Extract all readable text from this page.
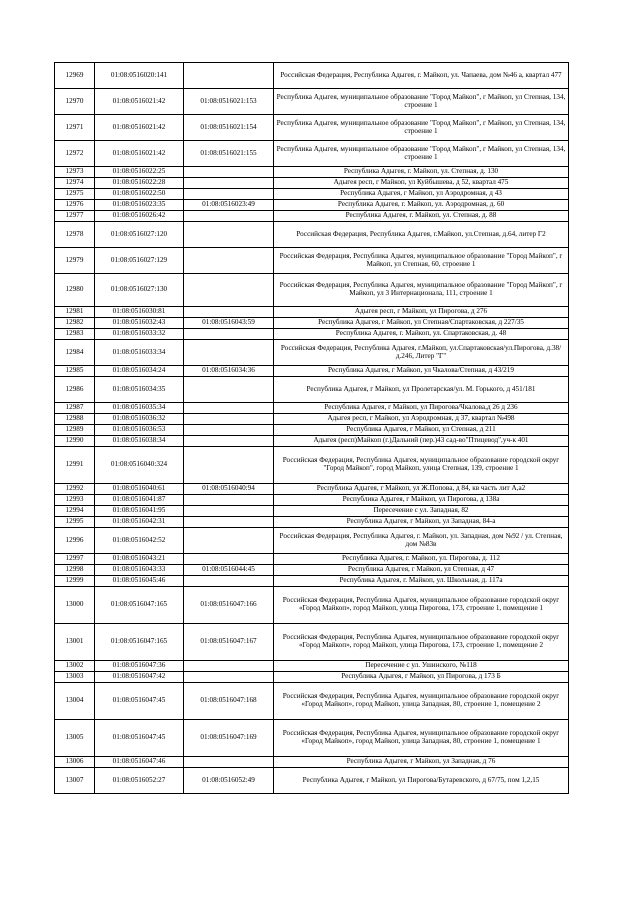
12969	01:08:0516020:141		Российская Федерация, Республика Адыгея, г. Майкоп, ул. Чапаева, дом №46 а, квартал 477
12970	01:08:0516021:42	01:08:0516021:153	Республика Адыгея, муниципальное образование "Город Майкоп", г Майкоп, ул Степная, 134, строение 1
12971	01:08:0516021:42	01:08:0516021:154	Республика Адыгея, муниципальное образование "Город Майкоп", г Майкоп, ул Степная, 134, строение 1
12972	01:08:0516021:42	01:08:0516021:155	Республика Адыгея, муниципальное образование "Город Майкоп", г Майкоп, ул Степная, 134, строение 1
12973	01:08:0516022:25		Республика Адыгея, г. Майкоп, ул. Степная, д. 130
12974	01:08:0516022:28		Адыгея респ, г Майкоп, ул Куйбышева, д 52, квартал 475
12975	01:08:0516022:50		Республика Адыгея, г Майкоп, ул Аэродромная, д 43
12976	01:08:0516023:35	01:08:0516023:49	Республика Адыгея, г. Майкоп, ул. Аэродромная, д. 60
12977	01:08:0516026:42		Республика Адыгея, г. Майкоп, ул. Степная, д. 88
12978	01:08:0516027:120		Российская Федерация, Республика Адыгея, г.Майкоп, ул.Степная, д.64, литер Г2
12979	01:08:0516027:129		Российская Федерация, Республика Адыгея, муниципальное образование "Город Майкоп", г Майкоп, ул Степная, 60, строение 1
12980	01:08:0516027:130		Российская Федерация, Республика Адыгея, муниципальное образование "Город Майкоп", г Майкоп, ул 3 Интернационала, 111, строение 1
12981	01:08:0516030:81		Адыгея респ, г Майкоп, ул Пирогова, д 276
12982	01:08:0516032:43	01:08:0516043:59	Республика Адыгея, г Майкоп, ул Степная/Спартаковская, д 227/35
12983	01:08:0516033:32		Республика Адыгея, г. Майкоп, ул. Спартаковская, д. 48
12984	01:08:0516033:34		Российская Федерация, Республика Адыгея, г.Майкоп, ул.Спартаковская/ул.Пирогова, д.38/д.246, Литер "Г"
12985	01:08:0516034:24	01:08:0516034:36	Республика Адыгея, г Майкоп, ул Чкалова/Степная, д 43/219
12986	01:08:0516034:35		Республика Адыгея, г Майкоп, ул Пролетарская/ул. М. Горького, д 451/181
12987	01:08:0516035:34		Республика Адыгея, г Майкоп, ул Пирогова/Чкалова,д 26 д 236
12988	01:08:0516036:32		Адыгея респ, г Майкоп, ул Аэродромная, д 37, квартал №498
12989	01:08:0516036:53		Республика Адыгея, г Майкоп, ул Степная, д 211
12990	01:08:0516038:34		Адыгея (респ)Майкоп (г.)Дальний (пер.)43 сад-во"Птицевод",уч-к 401
12991	01:08:0516040:324		Российская Федерация, Республика Адыгея, муниципальное образование городской округ "Город Майкоп", город Майкоп, улица Степная, 139, строение 1
12992	01:08:0516040:61	01:08:0516040:94	Республика Адыгея, г Майкоп, ул Ж.Попова, д 84, кв часть лит А,а2
12993	01:08:0516041:87		Республика Адыгея, г Майкоп, ул Пирогова, д 138а
12994	01:08:0516041:95		Пересечение с ул. Западная, 82
12995	01:08:0516042:31		Республика Адыгея, г Майкоп, ул Западная, 84-а
12996	01:08:0516042:52		Российская Федерация, Республика Адыгея, г. Майкоп, ул. Западная, дом №92 / ул. Степная, дом №83в
12997	01:08:0516043:21		Республика Адыгея, г. Майкоп, ул. Пирогова, д. 112
12998	01:08:0516043:33	01:08:0516044:45	Республика Адыгея, г Майкоп, ул Степная, д 47
12999	01:08:0516045:46		Республика Адыгея, г. Майкоп, ул. Школьная, д. 117а
13000	01:08:0516047:165	01:08:0516047:166	Российская Федерация, Республика Адыгея, муниципальное образование городской округ «Город Майкоп», город Майкоп, улица Пирогова, 173, строение 1, помещение 1
13001	01:08:0516047:165	01:08:0516047:167	Российская Федерация, Республика Адыгея, муниципальное образование городской округ «Город Майкоп», город Майкоп, улица Пирогова, 173, строение 1, помещение 2
13002	01:08:0516047:36		Пересечение с ул. Ушинского, №118
13003	01:08:0516047:42		Республика Адыгея, г Майкоп, ул Пирогова, д 173 Б
13004	01:08:0516047:45	01:08:0516047:168	Российская Федерация, Республика Адыгея, муниципальное образование городской округ «Город Майкоп», город Майкоп, улица Западная, 80, строение 1, помещение 2
13005	01:08:0516047:45	01:08:0516047:169	Российская Федерация, Республика Адыгея, муниципальное образование городской округ «Город Майкоп», город Майкоп, улица Западная, 80, строение 1, помещение 1
13006	01:08:0516047:46		Республика Адыгея, г Майкоп, ул Западная, д 76
13007	01:08:0516052:27	01:08:0516052:49	Республика Адыгея, г Майкоп, ул Пирогова/Бутаревского, д 67/75, пом 1,2,15
